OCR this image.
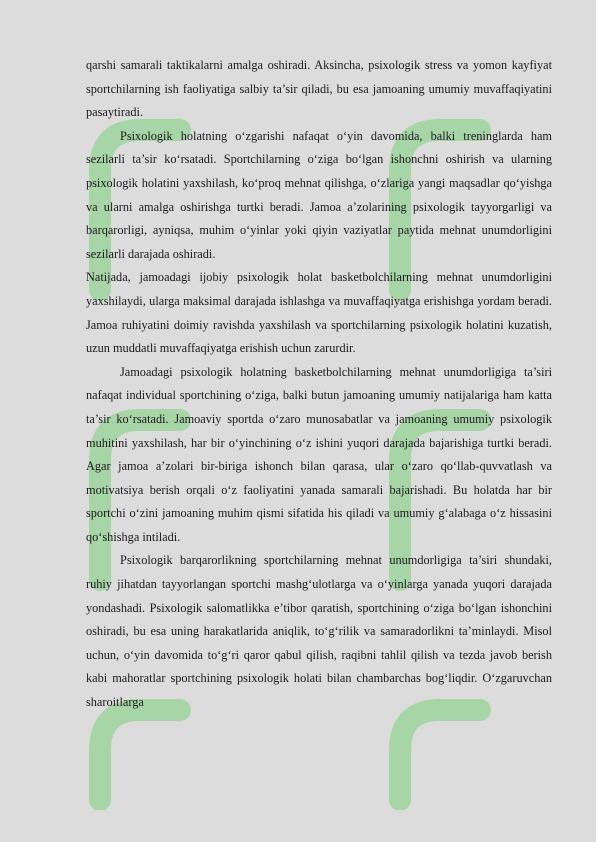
qarshi samarali taktikalarni amalga oshiradi. Aksincha, psixologik stress va yomon kayfiyat sportchilarning ish faoliyatiga salbiy ta’sir qiladi, bu esa jamoaning umumiy muvaffaqiyatini pasaytiradi.

Psixologik holatning o‘zgarishi nafaqat o‘yin davomida, balki treninglarda ham sezilarli ta’sir ko‘rsatadi. Sportchilarning o‘ziga bo‘lgan ishonchni oshirish va ularning psixologik holatini yaxshilash, ko‘proq mehnat qilishga, o‘zlariga yangi maqsadlar qo‘yishga va ularni amalga oshirishga turtki beradi. Jamoa a’zolarining psixologik tayyorgarligi va barqarorligi, ayniqsa, muhim o‘yinlar yoki qiyin vaziyatlar paytida mehnat unumdorligini sezilarli darajada oshiradi.

Natijada, jamoadagi ijobiy psixologik holat basketbolchilarning mehnat unumdorligini yaxshilaydi, ularga maksimal darajada ishlashga va muvaffaqiyatga erishishga yordam beradi. Jamoa ruhiyatini doimiy ravishda yaxshilash va sportchilarning psixologik holatini kuzatish, uzun muddatli muvaffaqiyatga erishish uchun zarurdir.

Jamoadagi psixologik holatning basketbolchilarning mehnat unumdorligiga ta’siri nafaqat individual sportchining o‘ziga, balki butun jamoaning umumiy natijalariga ham katta ta’sir ko‘rsatadi. Jamoaviy sportda o‘zaro munosabatlar va jamoaning umumiy psixologik muhitini yaxshilash, har bir o‘yinchining o‘z ishini yuqori darajada bajarishiga turtki beradi. Agar jamoa a’zolari bir-biriga ishonch bilan qarasa, ular o‘zaro qo‘llab-quvvatlash va motivatsiya berish orqali o‘z faoliyatini yanada samarali bajarishadi. Bu holatda har bir sportchi o‘zini jamoaning muhim qismi sifatida his qiladi va umumiy g‘alabaga o‘z hissasini qo‘shishga intiladi.

Psixologik barqarorlikning sportchilarning mehnat unumdorligiga ta’siri shundaki, ruhiy jihatdan tayyorlangan sportchi mashg‘ulotlarga va o‘yinlarga yanada yuqori darajada yondashadi. Psixologik salomatlikka e’tibor qaratish, sportchining o‘ziga bo‘lgan ishonchini oshiradi, bu esa uning harakatlarida aniqlik, to‘g‘rilik va samaradorlikni ta’minlaydi. Misol uchun, o‘yin davomida to‘g‘ri qaror qabul qilish, raqibni tahlil qilish va tezda javob berish kabi mahoratlar sportchining psixologik holati bilan chambarchas bog‘liqdir. O‘zgaruvchan sharoitlarga
